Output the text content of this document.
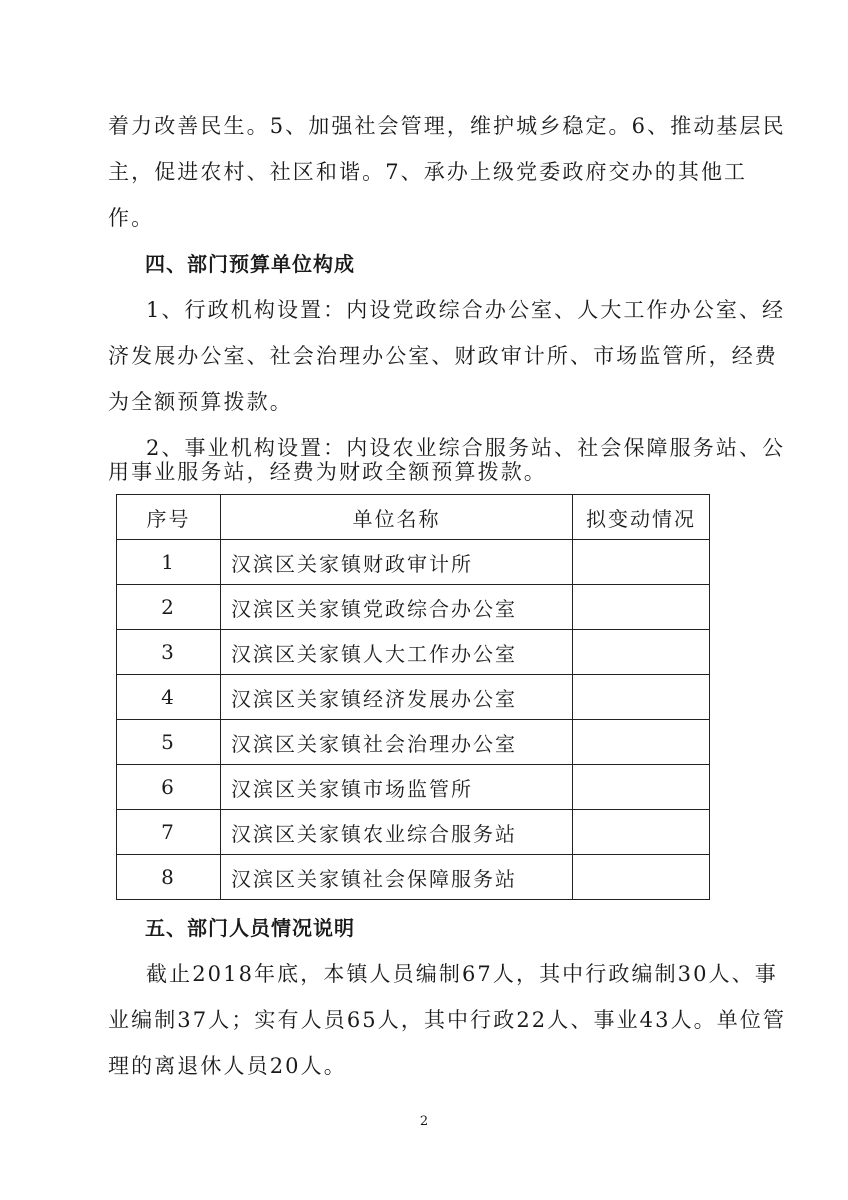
着力改善民生。5、加强社会管理，维护城乡稳定。6、推动基层民
主，促进农村、社区和谐。7、承办上级党委政府交办的其他工
作。
四、部门预算单位构成
1、行政机构设置：内设党政综合办公室、人大工作办公室、经
济发展办公室、社会治理办公室、财政审计所、市场监管所，经费
为全额预算拨款。
2、事业机构设置：内设农业综合服务站、社会保障服务站、公
用事业服务站，经费为财政全额预算拨款。
序号	单位名称	拟变动情况
1	汉滨区关家镇财政审计所	
2	汉滨区关家镇党政综合办公室	
3	汉滨区关家镇人大工作办公室	
4	汉滨区关家镇经济发展办公室	
5	汉滨区关家镇社会治理办公室	
6	汉滨区关家镇市场监管所	
7	汉滨区关家镇农业综合服务站	
8	汉滨区关家镇社会保障服务站	
五、部门人员情况说明
截止2018年底，本镇人员编制67人，其中行政编制30人、事
业编制37人；实有人员65人，其中行政22人、事业43人。单位管
理的离退休人员20人。
2
